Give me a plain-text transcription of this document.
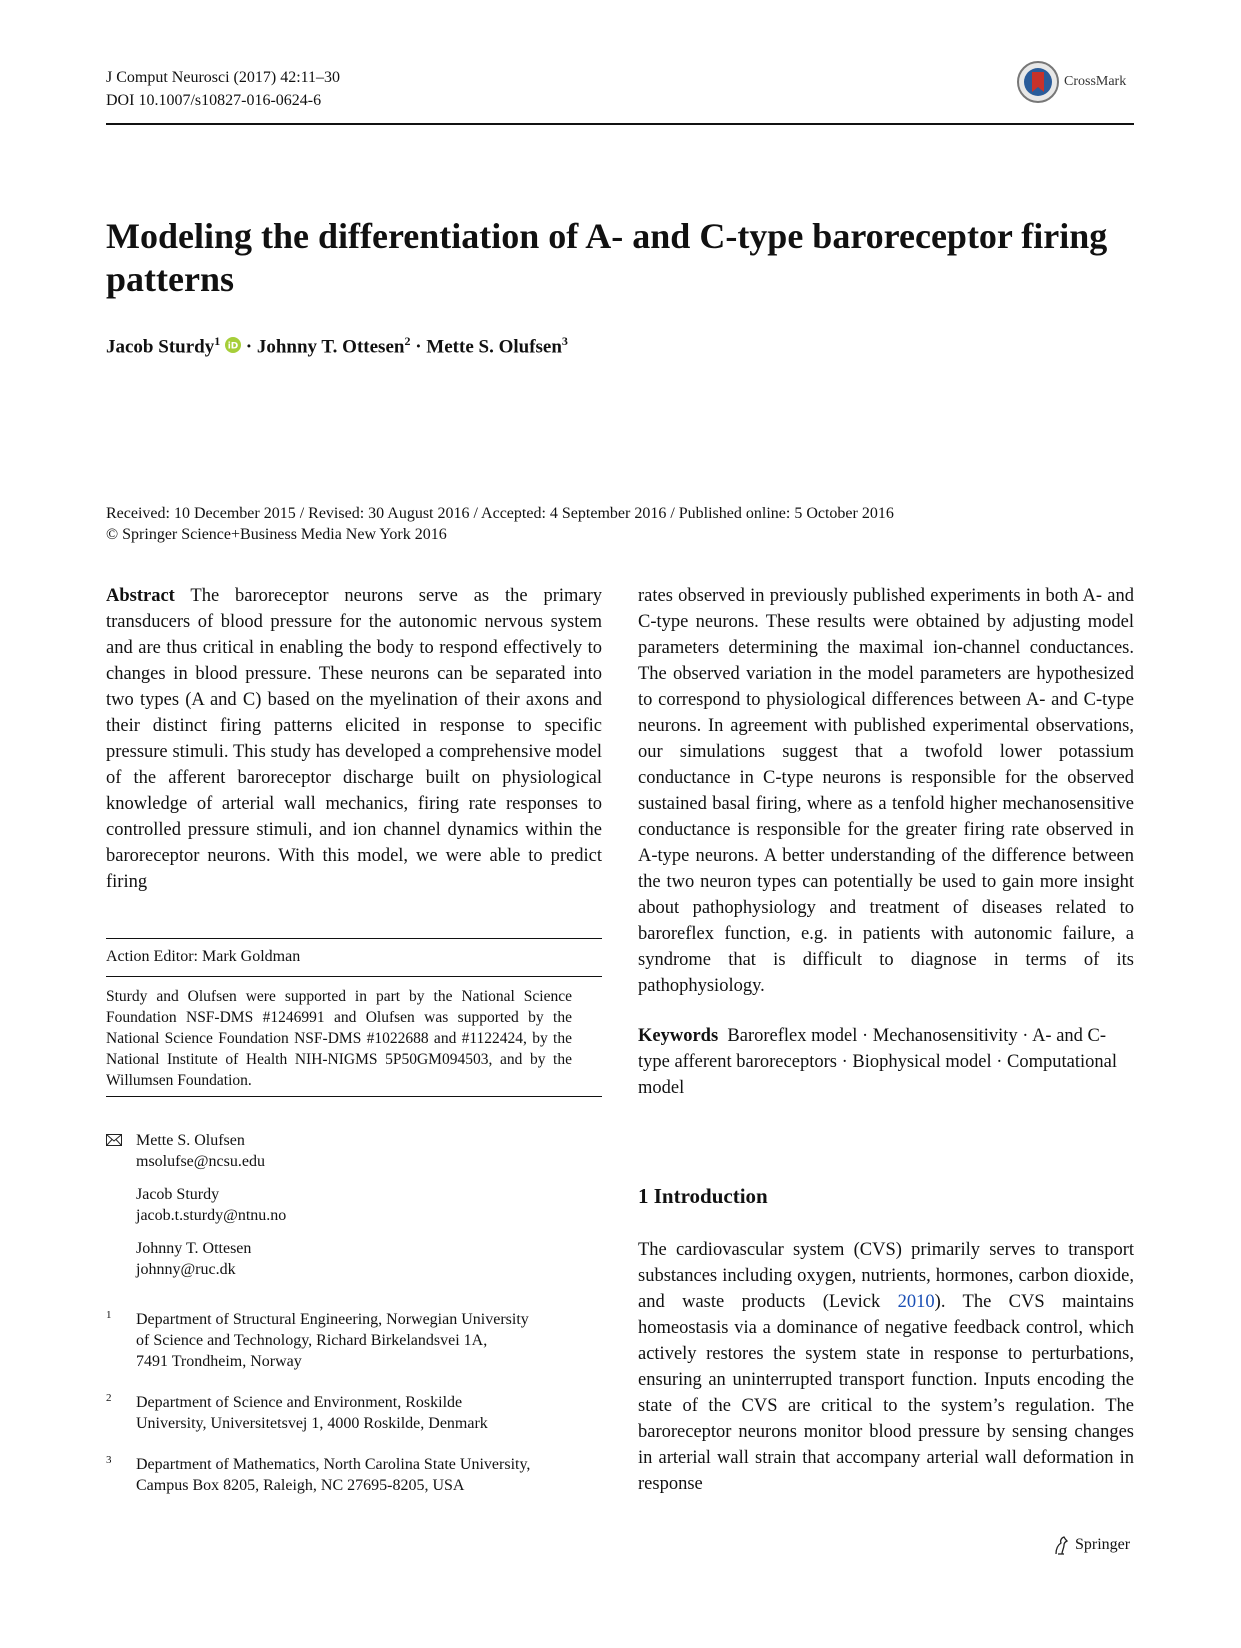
J Comput Neurosci (2017) 42:11–30
DOI 10.1007/s10827-016-0624-6
CrossMark
Modeling the differentiation of A- and C-type baroreceptor firing patterns
Jacob Sturdy$^1$ iD · Johnny T. Ottesen$^2$ · Mette S. Olufsen$^3$
Received: 10 December 2015 / Revised: 30 August 2016 / Accepted: 4 September 2016 / Published online: 5 October 2016
© Springer Science+Business Media New York 2016

Abstract The baroreceptor neurons serve as the primary transducers of blood pressure for the autonomic nervous system and are thus critical in enabling the body to respond effectively to changes in blood pressure. These neurons can be separated into two types (A and C) based on the myelination of their axons and their distinct firing patterns elicited in response to specific pressure stimuli. This study has developed a comprehensive model of the afferent baroreceptor discharge built on physiological knowledge of arterial wall mechanics, firing rate responses to controlled pressure stimuli, and ion channel dynamics within the baroreceptor neurons. With this model, we were able to predict firing

Action Editor: Mark Goldman
Sturdy and Olufsen were supported in part by the National Science Foundation NSF-DMS #1246991 and Olufsen was supported by the National Science Foundation NSF-DMS #1022688 and #1122424, by the National Institute of Health NIH-NIGMS 5P50GM094503, and by the Willumsen Foundation.
Mette S. Olufsen
msolufse@ncsu.edu
Jacob Sturdy
jacob.t.sturdy@ntnu.no
Johnny T. Ottesen
johnny@ruc.dk
1 Department of Structural Engineering, Norwegian University
of Science and Technology, Richard Birkelandsvei 1A,
7491 Trondheim, Norway
2 Department of Science and Environment, Roskilde
University, Universitetsvej 1, 4000 Roskilde, Denmark
3 Department of Mathematics, North Carolina State University,
Campus Box 8205, Raleigh, NC 27695-8205, USA

rates observed in previously published experiments in both A- and C-type neurons. These results were obtained by adjusting model parameters determining the maximal ion-channel conductances. The observed variation in the model parameters are hypothesized to correspond to physiological differences between A- and C-type neurons. In agreement with published experimental observations, our simulations suggest that a twofold lower potassium conductance in C-type neurons is responsible for the observed sustained basal firing, where as a tenfold higher mechanosensitive conductance is responsible for the greater firing rate observed in A-type neurons. A better understanding of the difference between the two neuron types can potentially be used to gain more insight about pathophysiology and treatment of diseases related to baroreflex function, e.g. in patients with autonomic failure, a syndrome that is difficult to diagnose in terms of its pathophysiology.

Keywords Baroreflex model · Mechanosensitivity · A- and C-type afferent baroreceptors · Biophysical model · Computational model

1 Introduction
The cardiovascular system (CVS) primarily serves to transport substances including oxygen, nutrients, hormones, carbon dioxide, and waste products (Levick 2010). The CVS maintains homeostasis via a dominance of negative feedback control, which actively restores the system state in response to perturbations, ensuring an uninterrupted transport function. Inputs encoding the state of the CVS are critical to the system’s regulation. The baroreceptor neurons monitor blood pressure by sensing changes in arterial wall strain that accompany arterial wall deformation in response
Springer
